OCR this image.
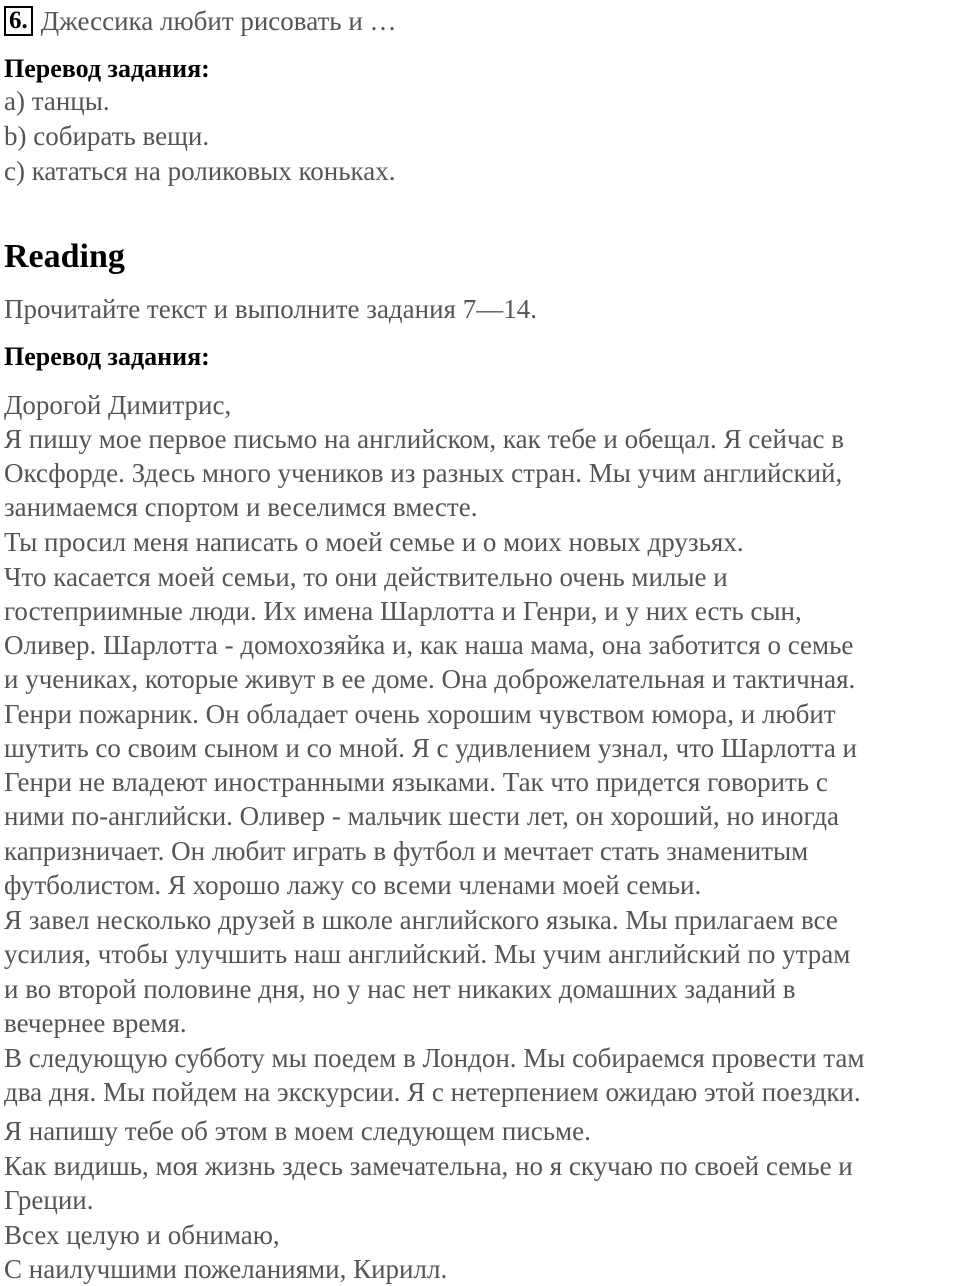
6. Джессика любит рисовать и …
Перевод задания:
a) танцы.
b) собирать вещи.
c) кататься на роликовых коньках.
Reading
Прочитайте текст и выполните задания 7—14.
Перевод задания:
Дорогой Димитрис,
Я пишу мое первое письмо на английском, как тебе и обещал. Я сейчас в
Оксфорде. Здесь много учеников из разных стран. Мы учим английский,
занимаемся спортом и веселимся вместе.
Ты просил меня написать о моей семье и о моих новых друзьях.
Что касается моей семьи, то они действительно очень милые и
гостеприимные люди. Их имена Шарлотта и Генри, и у них есть сын,
Оливер. Шарлотта - домохозяйка и, как наша мама, она заботится о семье
и учениках, которые живут в ее доме. Она доброжелательная и тактичная.
Генри пожарник. Он обладает очень хорошим чувством юмора, и любит
шутить со своим сыном и со мной. Я с удивлением узнал, что Шарлотта и
Генри не владеют иностранными языками. Так что придется говорить с
ними по-английски. Оливер - мальчик шести лет, он хороший, но иногда
капризничает. Он любит играть в футбол и мечтает стать знаменитым
футболистом. Я хорошо лажу со всеми членами моей семьи.
Я завел несколько друзей в школе английского языка. Мы прилагаем все
усилия, чтобы улучшить наш английский. Мы учим английский по утрам
и во второй половине дня, но у нас нет никаких домашних заданий в
вечернее время.
В следующую субботу мы поедем в Лондон. Мы собираемся провести там
два дня. Мы пойдем на экскурсии. Я с нетерпением ожидаю этой поездки.
Я напишу тебе об этом в моем следующем письме.
Как видишь, моя жизнь здесь замечательна, но я скучаю по своей семье и
Греции.
Всех целую и обнимаю,
С наилучшими пожеланиями, Кирилл.
